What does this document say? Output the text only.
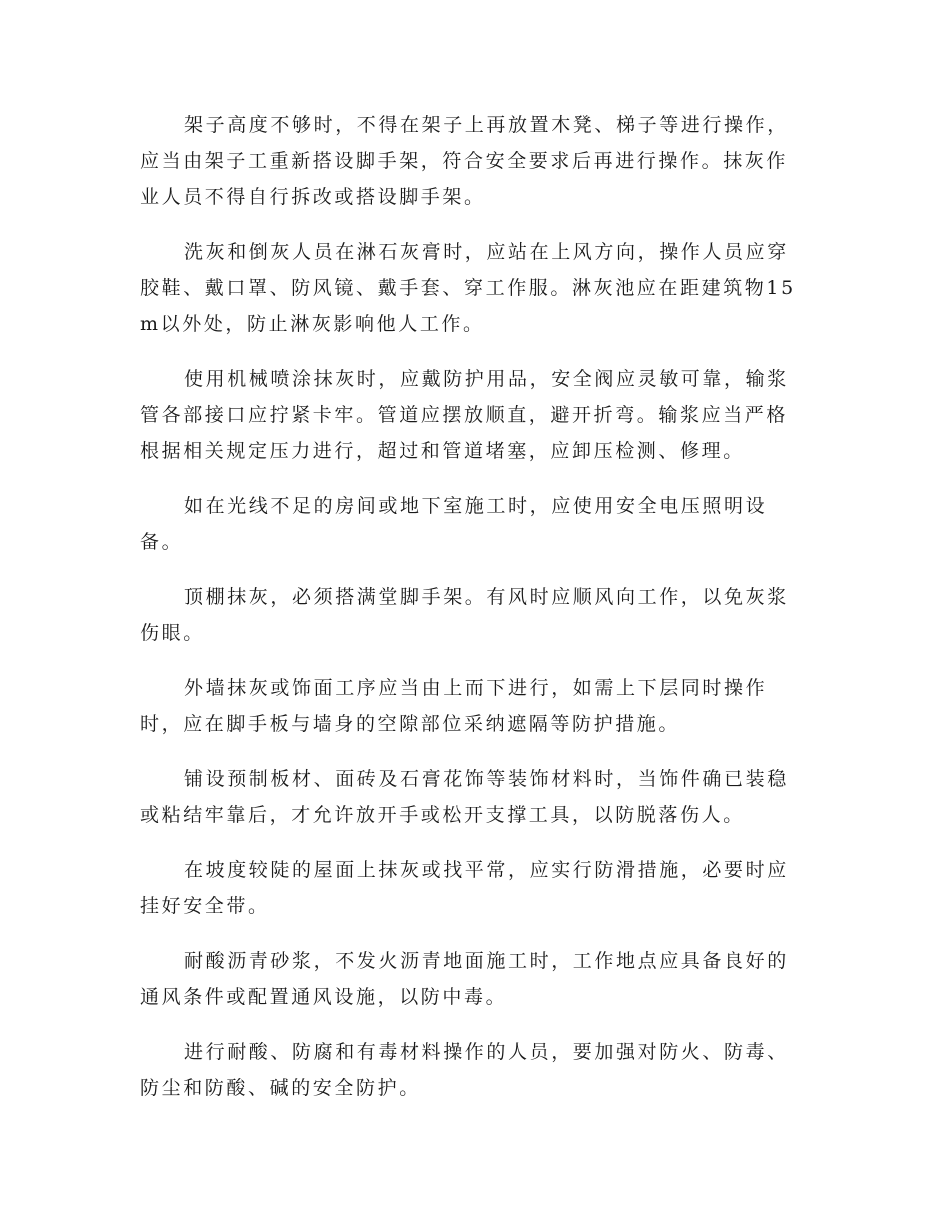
架子高度不够时，不得在架子上再放置木凳、梯子等进行操作，应当由架子工重新搭设脚手架，符合安全要求后再进行操作。抹灰作业人员不得自行拆改或搭设脚手架。

洗灰和倒灰人员在淋石灰膏时，应站在上风方向，操作人员应穿胶鞋、戴口罩、防风镜、戴手套、穿工作服。淋灰池应在距建筑物15m以外处，防止淋灰影响他人工作。

使用机械喷涂抹灰时，应戴防护用品，安全阀应灵敏可靠，输浆管各部接口应拧紧卡牢。管道应摆放顺直，避开折弯。输浆应当严格根据相关规定压力进行，超过和管道堵塞，应卸压检测、修理。

如在光线不足的房间或地下室施工时，应使用安全电压照明设备。

顶棚抹灰，必须搭满堂脚手架。有风时应顺风向工作，以免灰浆伤眼。

外墙抹灰或饰面工序应当由上而下进行，如需上下层同时操作时，应在脚手板与墙身的空隙部位采纳遮隔等防护措施。

铺设预制板材、面砖及石膏花饰等装饰材料时，当饰件确已装稳或粘结牢靠后，才允许放开手或松开支撑工具，以防脱落伤人。

在坡度较陡的屋面上抹灰或找平常，应实行防滑措施，必要时应挂好安全带。

耐酸沥青砂浆，不发火沥青地面施工时，工作地点应具备良好的通风条件或配置通风设施，以防中毒。

进行耐酸、防腐和有毒材料操作的人员，要加强对防火、防毒、防尘和防酸、碱的安全防护。
